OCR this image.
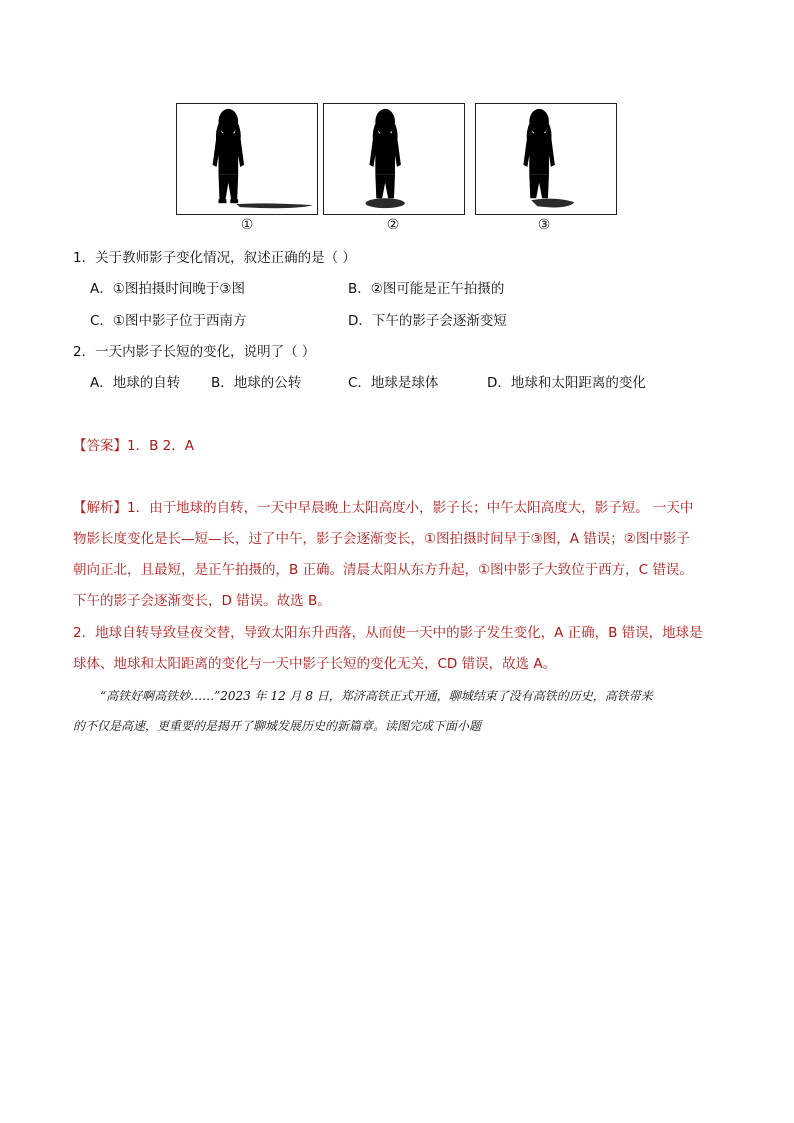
①	②	③
1．关于教师影子变化情况，叙述正确的是（ ）
A．①图拍摄时间晚于③图	B．②图可能是正午拍摄的
C．①图中影子位于西南方	D．下午的影子会逐渐变短
2．一天内影子长短的变化，说明了（ ）
A．地球的自转 B．地球的公转	C．地球是球体	D．地球和太阳距离的变化
【答案】1．B 2．A
【解析】1．由于地球的自转，一天中早晨晚上太阳高度小，影子长；中午太阳高度大，影子短。 一天中
物影长度变化是长—短—长，过了中午，影子会逐渐变长，①图拍摄时间早于③图，A 错误；②图中影子
朝向正北，且最短，是正午拍摄的，B 正确。清晨太阳从东方升起，①图中影子大致位于西方，C 错误。
下午的影子会逐渐变长，D 错误。故选 B。
2．地球自转导致昼夜交替，导致太阳东升西落，从而使一天中的影子发生变化，A 正确，B 错误，地球是
球体、地球和太阳距离的变化与一天中影子长短的变化无关，CD 错误，故选 A。
“高铁好啊高铁妙……”2023 年 12 月 8 日，郑济高铁正式开通，聊城结束了没有高铁的历史，高铁带来
的不仅是高速，更重要的是揭开了聊城发展历史的新篇章。读图完成下面小题
